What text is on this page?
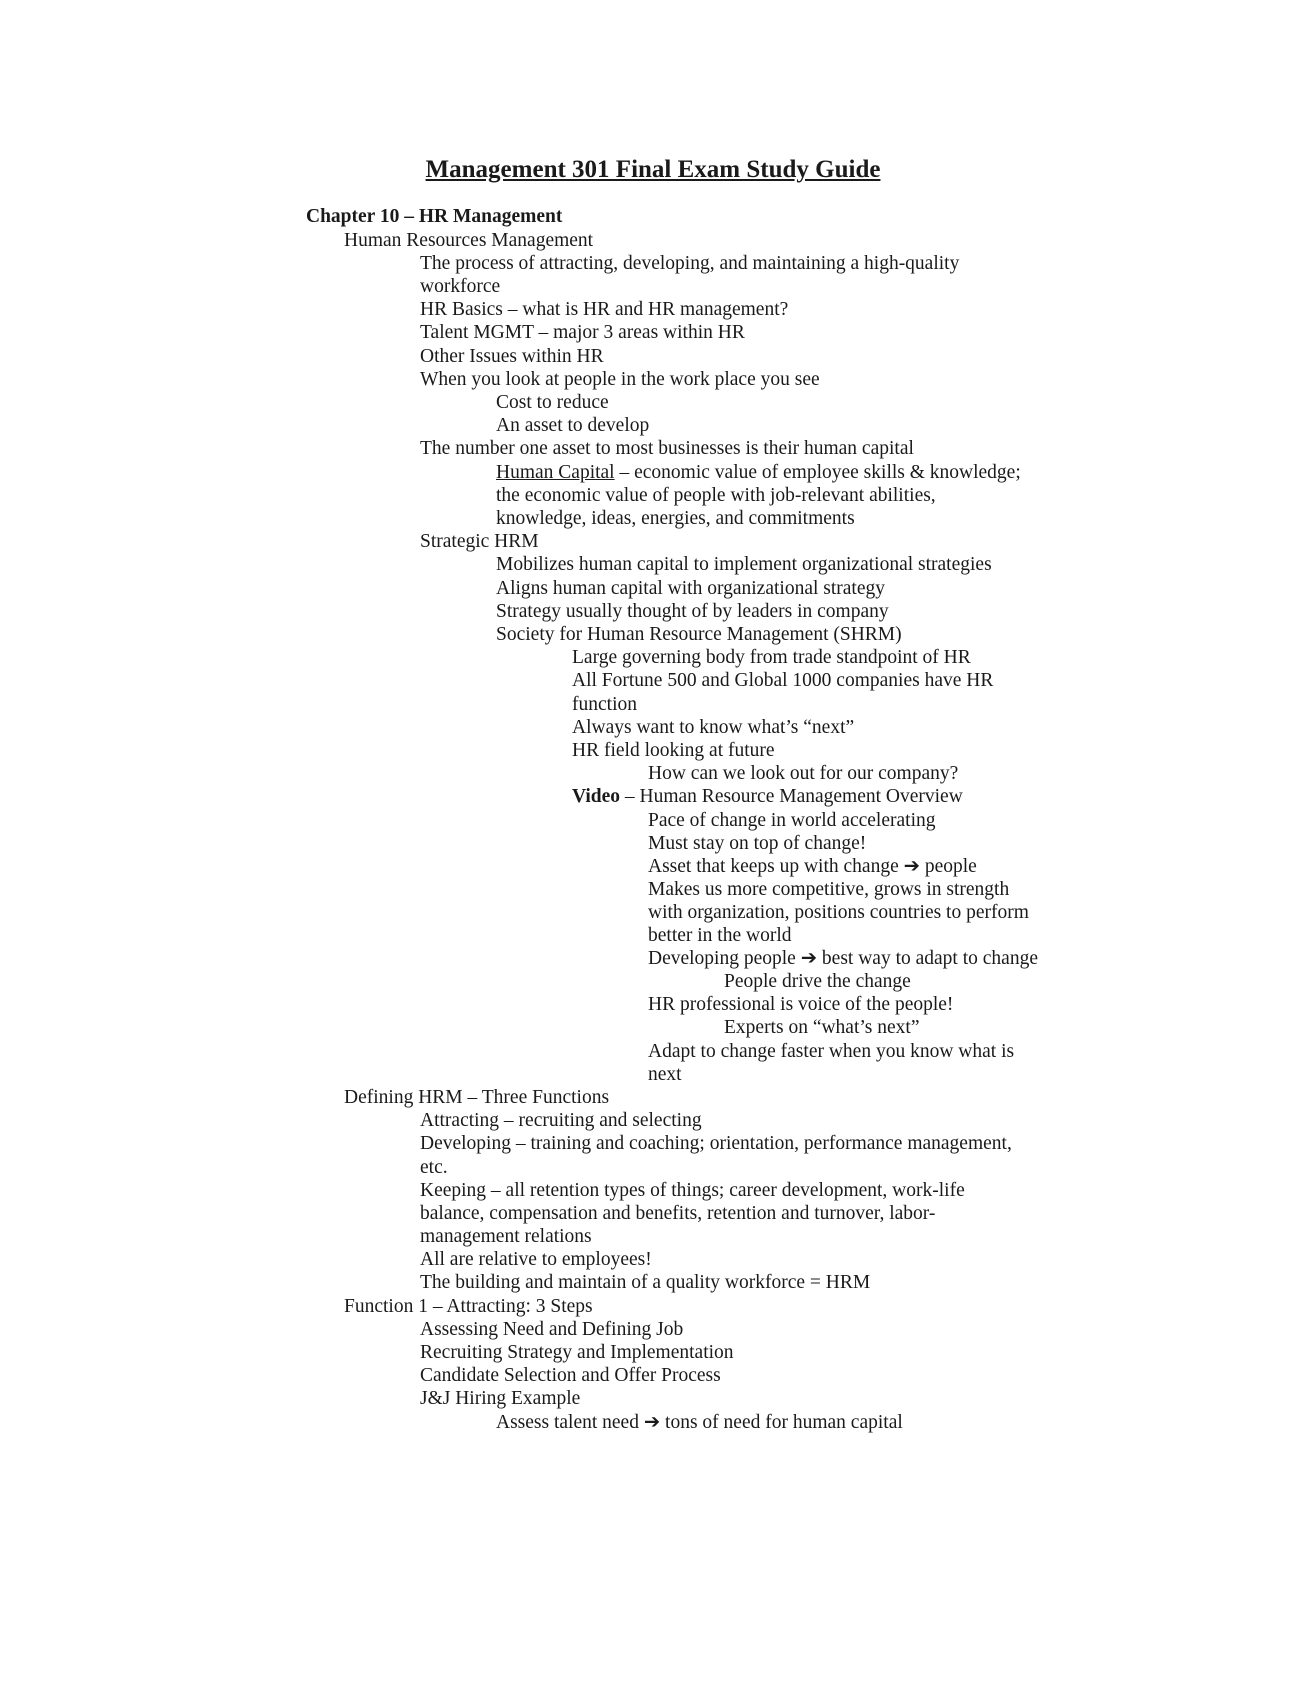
Management 301 Final Exam Study Guide
Chapter 10 – HR Management
Human Resources Management
The process of attracting, developing, and maintaining a high-quality
workforce
HR Basics – what is HR and HR management?
Talent MGMT – major 3 areas within HR
Other Issues within HR
When you look at people in the work place you see
Cost to reduce
An asset to develop
The number one asset to most businesses is their human capital
Human Capital – economic value of employee skills & knowledge;
the economic value of people with job-relevant abilities,
knowledge, ideas, energies, and commitments
Strategic HRM
Mobilizes human capital to implement organizational strategies
Aligns human capital with organizational strategy
Strategy usually thought of by leaders in company
Society for Human Resource Management (SHRM)
Large governing body from trade standpoint of HR
All Fortune 500 and Global 1000 companies have HR
function
Always want to know what’s “next”
HR field looking at future
How can we look out for our company?
Video – Human Resource Management Overview
Pace of change in world accelerating
Must stay on top of change!
Asset that keeps up with change ➔ people
Makes us more competitive, grows in strength
with organization, positions countries to perform
better in the world
Developing people ➔ best way to adapt to change
People drive the change
HR professional is voice of the people!
Experts on “what’s next”
Adapt to change faster when you know what is
next
Defining HRM – Three Functions
Attracting – recruiting and selecting
Developing – training and coaching; orientation, performance management,
etc.
Keeping – all retention types of things; career development, work-life
balance, compensation and benefits, retention and turnover, labor-
management relations
All are relative to employees!
The building and maintain of a quality workforce = HRM
Function 1 – Attracting: 3 Steps
Assessing Need and Defining Job
Recruiting Strategy and Implementation
Candidate Selection and Offer Process
J&J Hiring Example
Assess talent need ➔ tons of need for human capital
